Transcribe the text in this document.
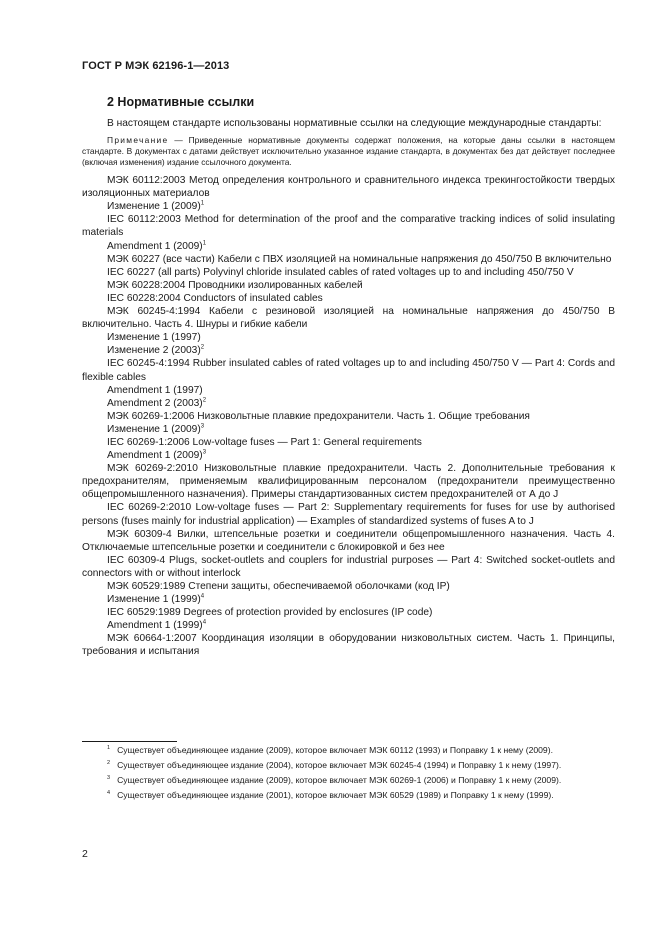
ГОСТ Р МЭК 62196-1—2013
2 Нормативные ссылки

В настоящем стандарте использованы нормативные ссылки на следующие международные стандарты:

Примечание — Приведенные нормативные документы содержат положения, на которые даны ссылки в настоящем стандарте. В документах с датами действует исключительно указанное издание стандарта, в документах без дат действует последнее (включая изменения) издание ссылочного документа.

МЭК 60112:2003 Метод определения контрольного и сравнительного индекса трекингостойкости твердых изоляционных материалов

Изменение 1 $(2009)^1$

IEC 60112:2003 Method for determination of the proof and the comparative tracking indices of solid insulating materials

Amendment 1 $(2009)^1$

МЭК 60227 (все части) Кабели с ПВХ изоляцией на номинальные напряжения до 450/750 В включительно

IEC 60227 (all parts) Polyvinyl chloride insulated cables of rated voltages up to and including 450/750 V

МЭК 60228:2004 Проводники изолированных кабелей

IEC 60228:2004 Conductors of insulated cables

МЭК 60245-4:1994 Кабели с резиновой изоляцией на номинальные напряжения до 450/750 В включительно. Часть 4. Шнуры и гибкие кабели

Изменение 1 (1997)

Изменение 2 $(2003)^2$

IEC 60245-4:1994 Rubber insulated cables of rated voltages up to and including 450/750 V — Part 4: Cords and flexible cables

Amendment 1 (1997)

Amendment 2 $(2003)^2$

МЭК 60269-1:2006 Низковольтные плавкие предохранители. Часть 1. Общие требования

Изменение 1 $(2009)^3$

IEC 60269-1:2006 Low-voltage fuses — Part 1: General requirements

Amendment 1 $(2009)^3$

МЭК 60269-2:2010 Низковольтные плавкие предохранители. Часть 2. Дополнительные требования к предохранителям, применяемым квалифицированным персоналом (предохранители преимущественно общепромышленного назначения). Примеры стандартизованных систем предохранителей от А до J

IEC 60269-2:2010 Low-voltage fuses — Part 2: Supplementary requirements for fuses for use by authorised persons (fuses mainly for industrial application) — Examples of standardized systems of fuses A to J

МЭК 60309-4 Вилки, штепсельные розетки и соединители общепромышленного назначения. Часть 4. Отключаемые штепсельные розетки и соединители с блокировкой и без нее

IEC 60309-4 Plugs, socket-outlets and couplers for industrial purposes — Part 4: Switched socket-outlets and connectors with or without interlock

МЭК 60529:1989 Степени защиты, обеспечиваемой оболочками (код IP)

Изменение 1 $(1999)^4$

IEC 60529:1989 Degrees of protection provided by enclosures (IP code)

Amendment 1 $(1999)^4$

МЭК 60664-1:2007 Координация изоляции в оборудовании низковольтных систем. Часть 1. Принципы, требования и испытания

$^1$ Существует объединяющее издание (2009), которое включает МЭК 60112 (1993) и Поправку 1 к нему (2009).

$^2$ Существует объединяющее издание (2004), которое включает МЭК 60245-4 (1994) и Поправку 1 к нему (1997).

$^3$ Существует объединяющее издание (2009), которое включает МЭК 60269-1 (2006) и Поправку 1 к нему (2009).

$^4$ Существует объединяющее издание (2001), которое включает МЭК 60529 (1989) и Поправку 1 к нему (1999).

2
